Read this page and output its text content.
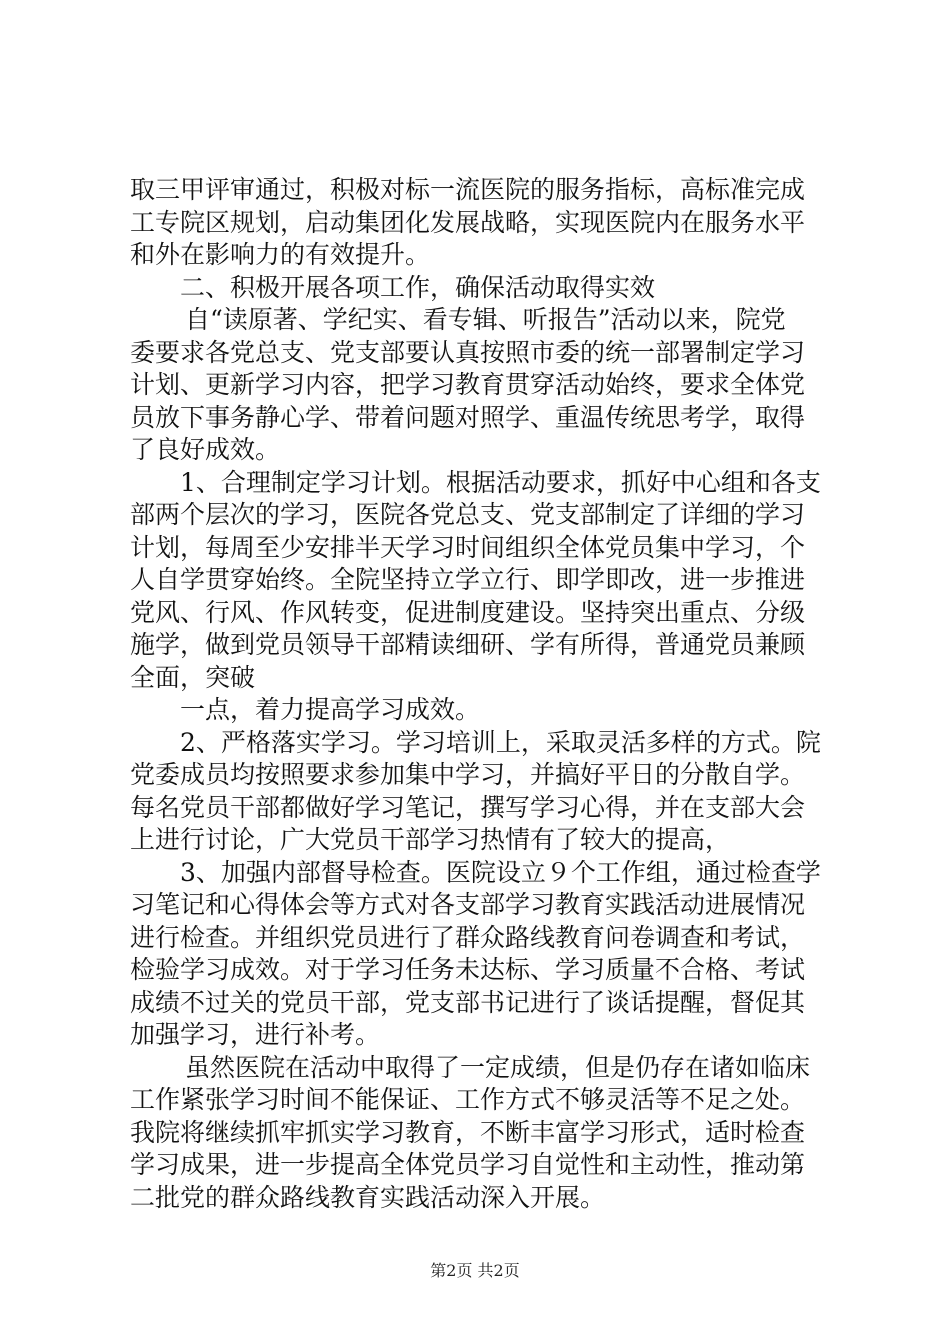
取三甲评审通过，积极对标一流医院的服务指标，高标准完成
工专院区规划，启动集团化发展战略，实现医院内在服务水平
和外在影响力的有效提升。
二、积极开展各项工作，确保活动取得实效
自“读原著、学纪实、看专辑、听报告”活动以来，院党
委要求各党总支、党支部要认真按照市委的统一部署制定学习
计划、更新学习内容，把学习教育贯穿活动始终，要求全体党
员放下事务静心学、带着问题对照学、重温传统思考学，取得
了良好成效。
1、合理制定学习计划。根据活动要求，抓好中心组和各支
部两个层次的学习，医院各党总支、党支部制定了详细的学习
计划，每周至少安排半天学习时间组织全体党员集中学习，个
人自学贯穿始终。全院坚持立学立行、即学即改，进一步推进
党风、行风、作风转变，促进制度建设。坚持突出重点、分级
施学，做到党员领导干部精读细研、学有所得，普通党员兼顾
全面，突破
一点，着力提高学习成效。
2、严格落实学习。学习培训上，采取灵活多样的方式。院
党委成员均按照要求参加集中学习，并搞好平日的分散自学。
每名党员干部都做好学习笔记，撰写学习心得，并在支部大会
上进行讨论，广大党员干部学习热情有了较大的提高，
3、加强内部督导检查。医院设立９个工作组，通过检查学
习笔记和心得体会等方式对各支部学习教育实践活动进展情况
进行检查。并组织党员进行了群众路线教育问卷调查和考试，
检验学习成效。对于学习任务未达标、学习质量不合格、考试
成绩不过关的党员干部，党支部书记进行了谈话提醒，督促其
加强学习，进行补考。
虽然医院在活动中取得了一定成绩，但是仍存在诸如临床
工作紧张学习时间不能保证、工作方式不够灵活等不足之处。
我院将继续抓牢抓实学习教育，不断丰富学习形式，适时检查
学习成果，进一步提高全体党员学习自觉性和主动性，推动第
二批党的群众路线教育实践活动深入开展。
第2页 共2页
